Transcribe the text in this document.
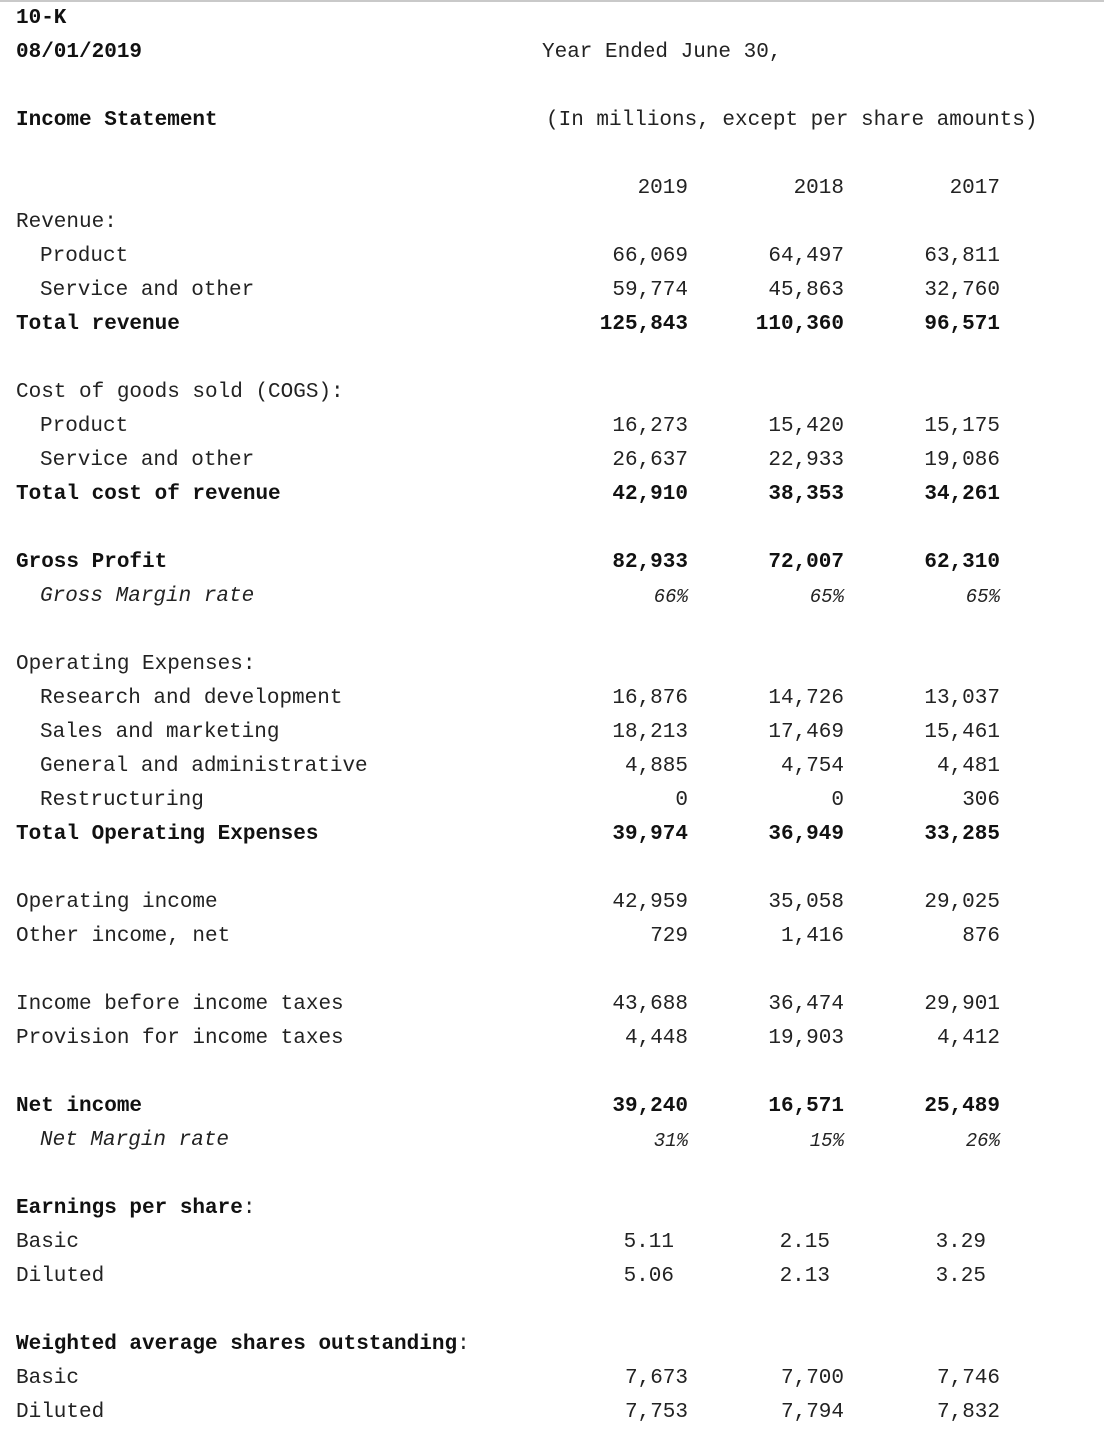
10-K
08/01/2019	Year Ended June 30,
Income Statement	(In millions, except per share amounts)
2019	2018	2017
Revenue:
Product	66,069	64,497	63,811
Service and other	59,774	45,863	32,760
Total revenue	125,843	110,360	96,571
Cost of goods sold (COGS):
Product	16,273	15,420	15,175
Service and other	26,637	22,933	19,086
Total cost of revenue	42,910	38,353	34,261
Gross Profit	82,933	72,007	62,310
Gross Margin rate	66%	65%	65%
Operating Expenses:
Research and development	16,876	14,726	13,037
Sales and marketing	18,213	17,469	15,461
General and administrative	4,885	4,754	4,481
Restructuring	0	0	306
Total Operating Expenses	39,974	36,949	33,285
Operating income	42,959	35,058	29,025
Other income, net	729	1,416	876
Income before income taxes	43,688	36,474	29,901
Provision for income taxes	4,448	19,903	4,412
Net income	39,240	16,571	25,489
Net Margin rate	31%	15%	26%
Earnings per share:
Basic	5.11	2.15	3.29
Diluted	5.06	2.13	3.25
Weighted average shares outstanding:
Basic	7,673	7,700	7,746
Diluted	7,753	7,794	7,832
